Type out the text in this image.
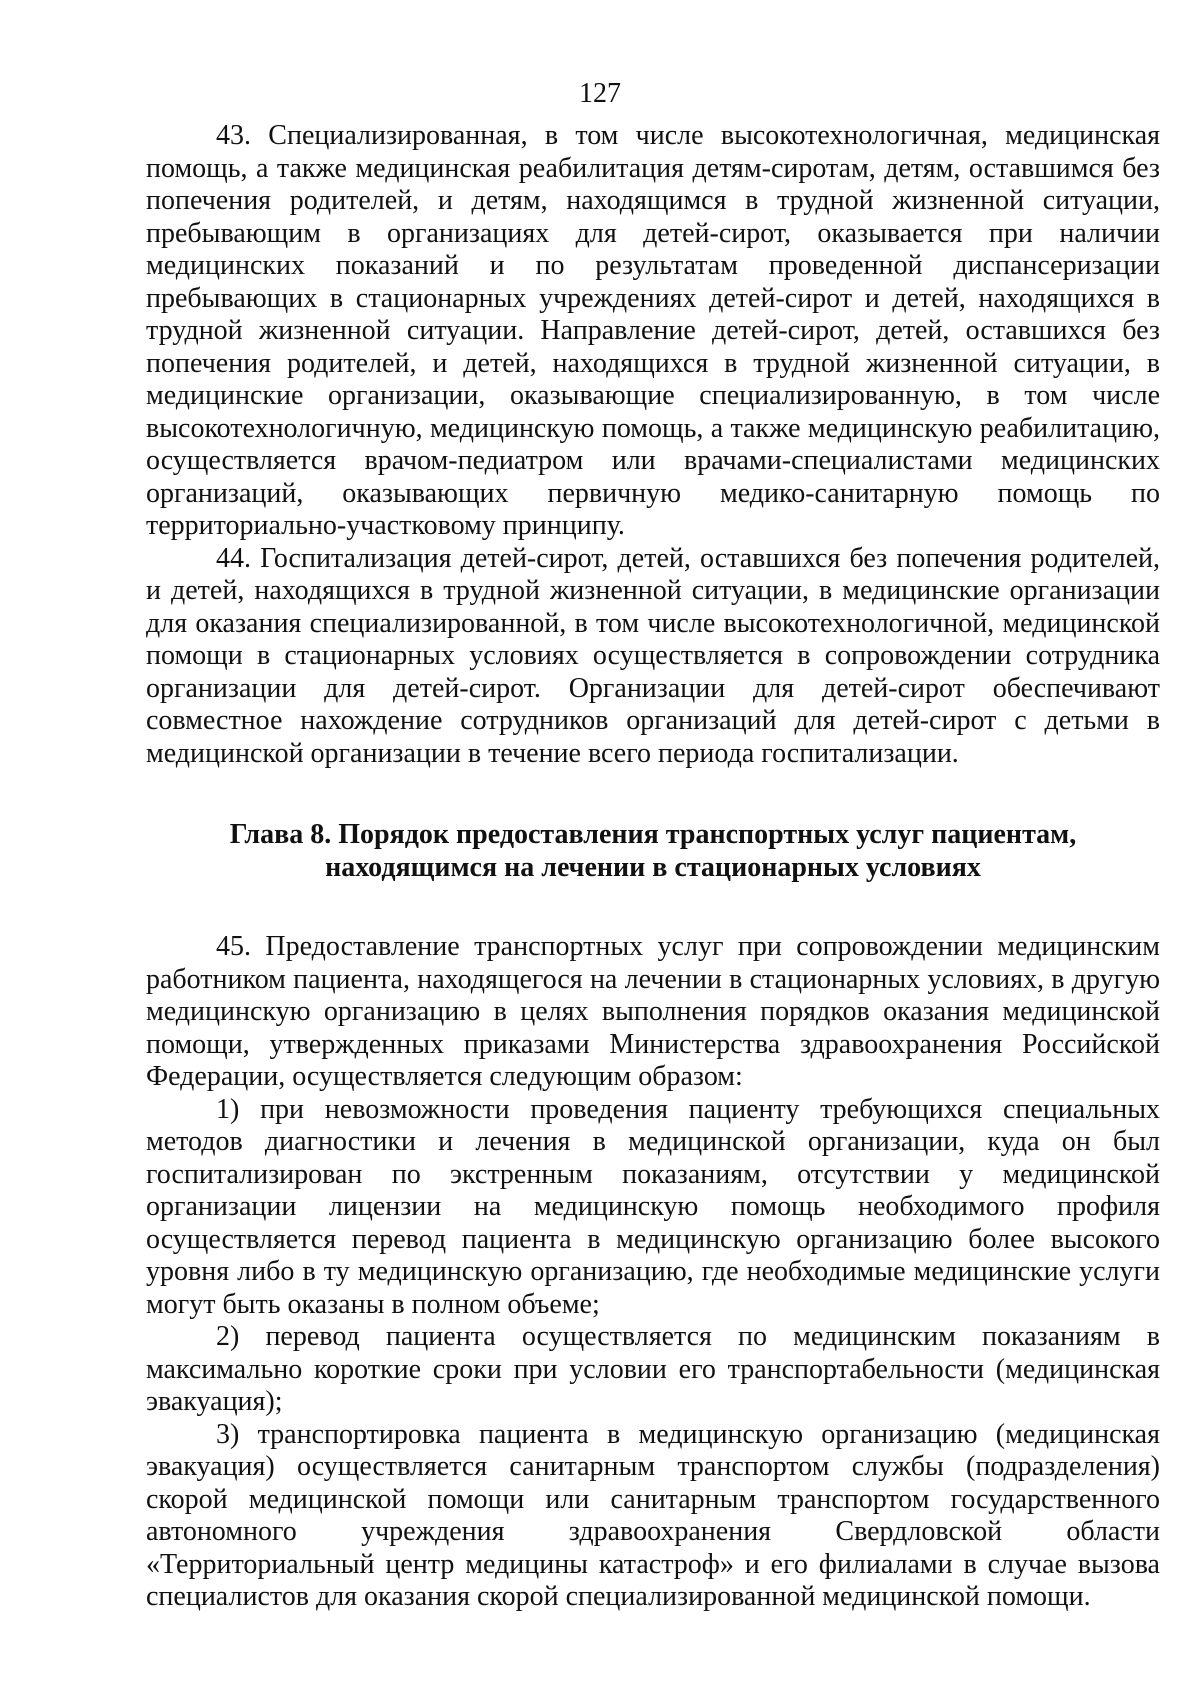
127

43. Специализированная, в том числе высокотехнологичная, медицинская помощь, а также медицинская реабилитация детям-сиротам, детям, оставшимся без попечения родителей, и детям, находящимся в трудной жизненной ситуации, пребывающим в организациях для детей-сирот, оказывается при наличии медицинских показаний и по результатам проведенной диспансеризации пребывающих в стационарных учреждениях детей-сирот и детей, находящихся в трудной жизненной ситуации. Направление детей-сирот, детей, оставшихся без попечения родителей, и детей, находящихся в трудной жизненной ситуации, в медицинские организации, оказывающие специализированную, в том числе высокотехнологичную, медицинскую помощь, а также медицинскую реабилитацию, осуществляется врачом-педиатром или врачами-специалистами медицинских организаций, оказывающих первичную медико-санитарную помощь по территориально-участковому принципу.

44. Госпитализация детей-сирот, детей, оставшихся без попечения родителей, и детей, находящихся в трудной жизненной ситуации, в медицинские организации для оказания специализированной, в том числе высокотехнологичной, медицинской помощи в стационарных условиях осуществляется в сопровождении сотрудника организации для детей-сирот. Организации для детей-сирот обеспечивают совместное нахождение сотрудников организаций для детей-сирот с детьми в медицинской организации в течение всего периода госпитализации.

Глава 8. Порядок предоставления транспортных услуг пациентам,

находящимся на лечении в стационарных условиях

45. Предоставление транспортных услуг при сопровождении медицинским работником пациента, находящегося на лечении в стационарных условиях, в другую медицинскую организацию в целях выполнения порядков оказания медицинской помощи, утвержденных приказами Министерства здравоохранения Российской Федерации, осуществляется следующим образом:

1) при невозможности проведения пациенту требующихся специальных методов диагностики и лечения в медицинской организации, куда он был госпитализирован по экстренным показаниям, отсутствии у медицинской организации лицензии на медицинскую помощь необходимого профиля осуществляется перевод пациента в медицинскую организацию более высокого уровня либо в ту медицинскую организацию, где необходимые медицинские услуги могут быть оказаны в полном объеме;

2) перевод пациента осуществляется по медицинским показаниям в максимально короткие сроки при условии его транспортабельности (медицинская эвакуация);

3) транспортировка пациента в медицинскую организацию (медицинская эвакуация) осуществляется санитарным транспортом службы (подразделения) скорой медицинской помощи или санитарным транспортом государственного автономного учреждения здравоохранения Свердловской области «Территориальный центр медицины катастроф» и его филиалами в случае вызова специалистов для оказания скорой специализированной медицинской помощи.
